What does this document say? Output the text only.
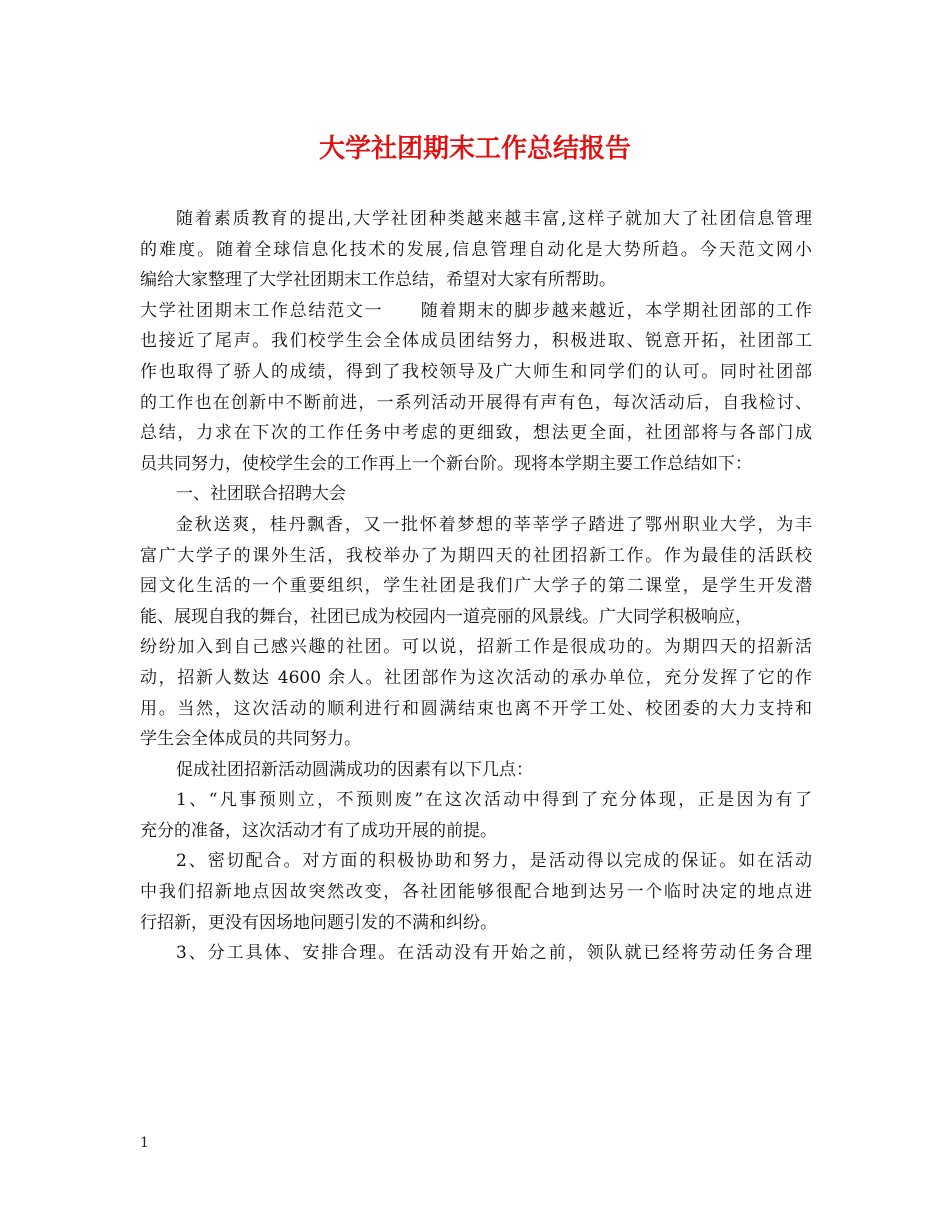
大学社团期末工作总结报告
随着素质教育的提出,大学社团种类越来越丰富,这样子就加大了社团信息管理
的难度。随着全球信息化技术的发展,信息管理自动化是大势所趋。今天范文网小
编给大家整理了大学社团期末工作总结，希望对大家有所帮助。
大学社团期末工作总结范文一　　随着期末的脚步越来越近，本学期社团部的工作
也接近了尾声。我们校学生会全体成员团结努力，积极进取、锐意开拓，社团部工
作也取得了骄人的成绩，得到了我校领导及广大师生和同学们的认可。同时社团部
的工作也在创新中不断前进，一系列活动开展得有声有色，每次活动后，自我检讨、
总结，力求在下次的工作任务中考虑的更细致，想法更全面，社团部将与各部门成
员共同努力，使校学生会的工作再上一个新台阶。现将本学期主要工作总结如下：
一、社团联合招聘大会
金秋送爽，桂丹飘香，又一批怀着梦想的莘莘学子踏进了鄂州职业大学，为丰
富广大学子的课外生活，我校举办了为期四天的社团招新工作。作为最佳的活跃校
园文化生活的一个重要组织，学生社团是我们广大学子的第二课堂，是学生开发潜
能、展现自我的舞台，社团已成为校园内一道亮丽的风景线。广大同学积极响应，
纷纷加入到自己感兴趣的社团。可以说，招新工作是很成功的。为期四天的招新活
动，招新人数达 4600 余人。社团部作为这次活动的承办单位，充分发挥了它的作
用。当然，这次活动的顺利进行和圆满结束也离不开学工处、校团委的大力支持和
学生会全体成员的共同努力。
促成社团招新活动圆满成功的因素有以下几点：
1、“凡事预则立，不预则废”在这次活动中得到了充分体现，正是因为有了
充分的准备，这次活动才有了成功开展的前提。
2、密切配合。对方面的积极协助和努力，是活动得以完成的保证。如在活动
中我们招新地点因故突然改变，各社团能够很配合地到达另一个临时决定的地点进
行招新，更没有因场地问题引发的不满和纠纷。
3、分工具体、安排合理。在活动没有开始之前，领队就已经将劳动任务合理
1
